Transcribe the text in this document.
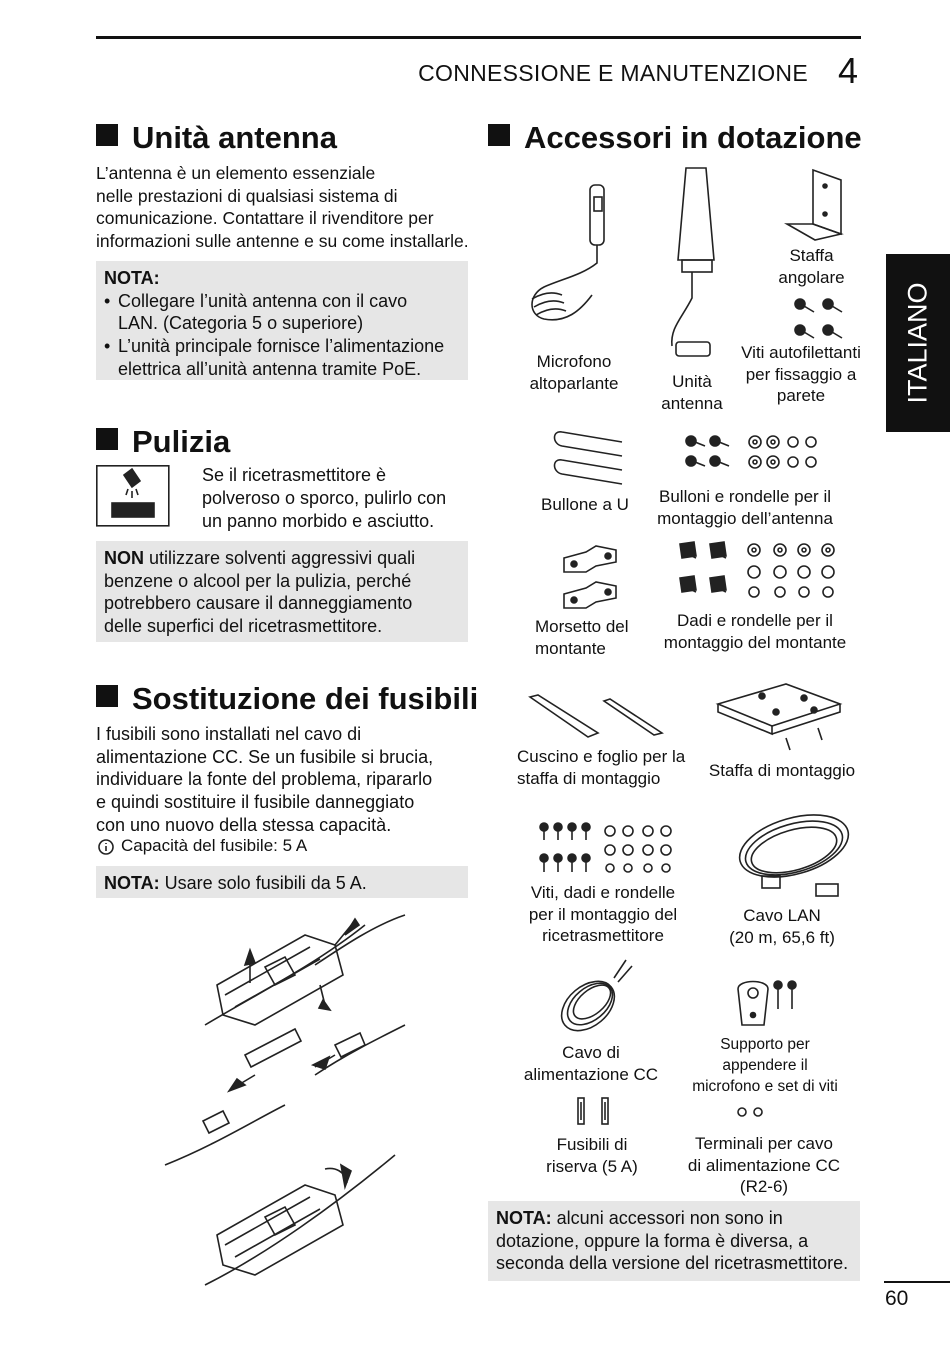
CONNESSIONE E MANUTENZIONE 4
ITALIANO
Unità antenna
L’antenna è un elemento essenziale
nelle prestazioni di qualsiasi sistema di
comunicazione. Contattare il rivenditore per
informazioni sulle antenne e su come installarle.
NOTA:
• Collegare l’unità antenna con il cavo
LAN. (Categoria 5 o superiore)
• L’unità principale fornisce l’alimentazione
elettrica all’unità antenna tramite PoE.
Pulizia
Se il ricetrasmettitore è
polveroso o sporco, pulirlo con
un panno morbido e asciutto.
NON utilizzare solventi aggressivi quali
benzene o alcool per la pulizia, perché
potrebbero causare il danneggiamento
delle superfici del ricetrasmettitore.
Sostituzione dei fusibili
I fusibili sono installati nel cavo di
alimentazione CC. Se un fusibile si brucia,
individuare la fonte del problema, ripararlo
e quindi sostituire il fusibile danneggiato
con uno nuovo della stessa capacità.
Capacità del fusibile: 5 A
NOTA: Usare solo fusibili da 5 A.
Accessori in dotazione
Microfono
altoparlante	Unità
antenna
Staffa
angolare
Viti autofilettanti
per fissaggio a
parete
Bullone a U	Bulloni e rondelle per il
montaggio dell’antenna
Morsetto del
montante
Dadi e rondelle per il
montaggio del montante
Cuscino e foglio per la
staffa di montaggio	Staffa di montaggio
Viti, dadi e rondelle
per il montaggio del
ricetrasmettitore
Cavo LAN
(20 m, 65,6 ft)
Cavo di
alimentazione CC
Supporto per
appendere il
microfono e set di viti
Fusibili di
riserva (5 A)
Terminali per cavo
di alimentazione CC
(R2-6)
NOTA: alcuni accessori non sono in
dotazione, oppure la forma è diversa, a
seconda della versione del ricetrasmettitore.
60
